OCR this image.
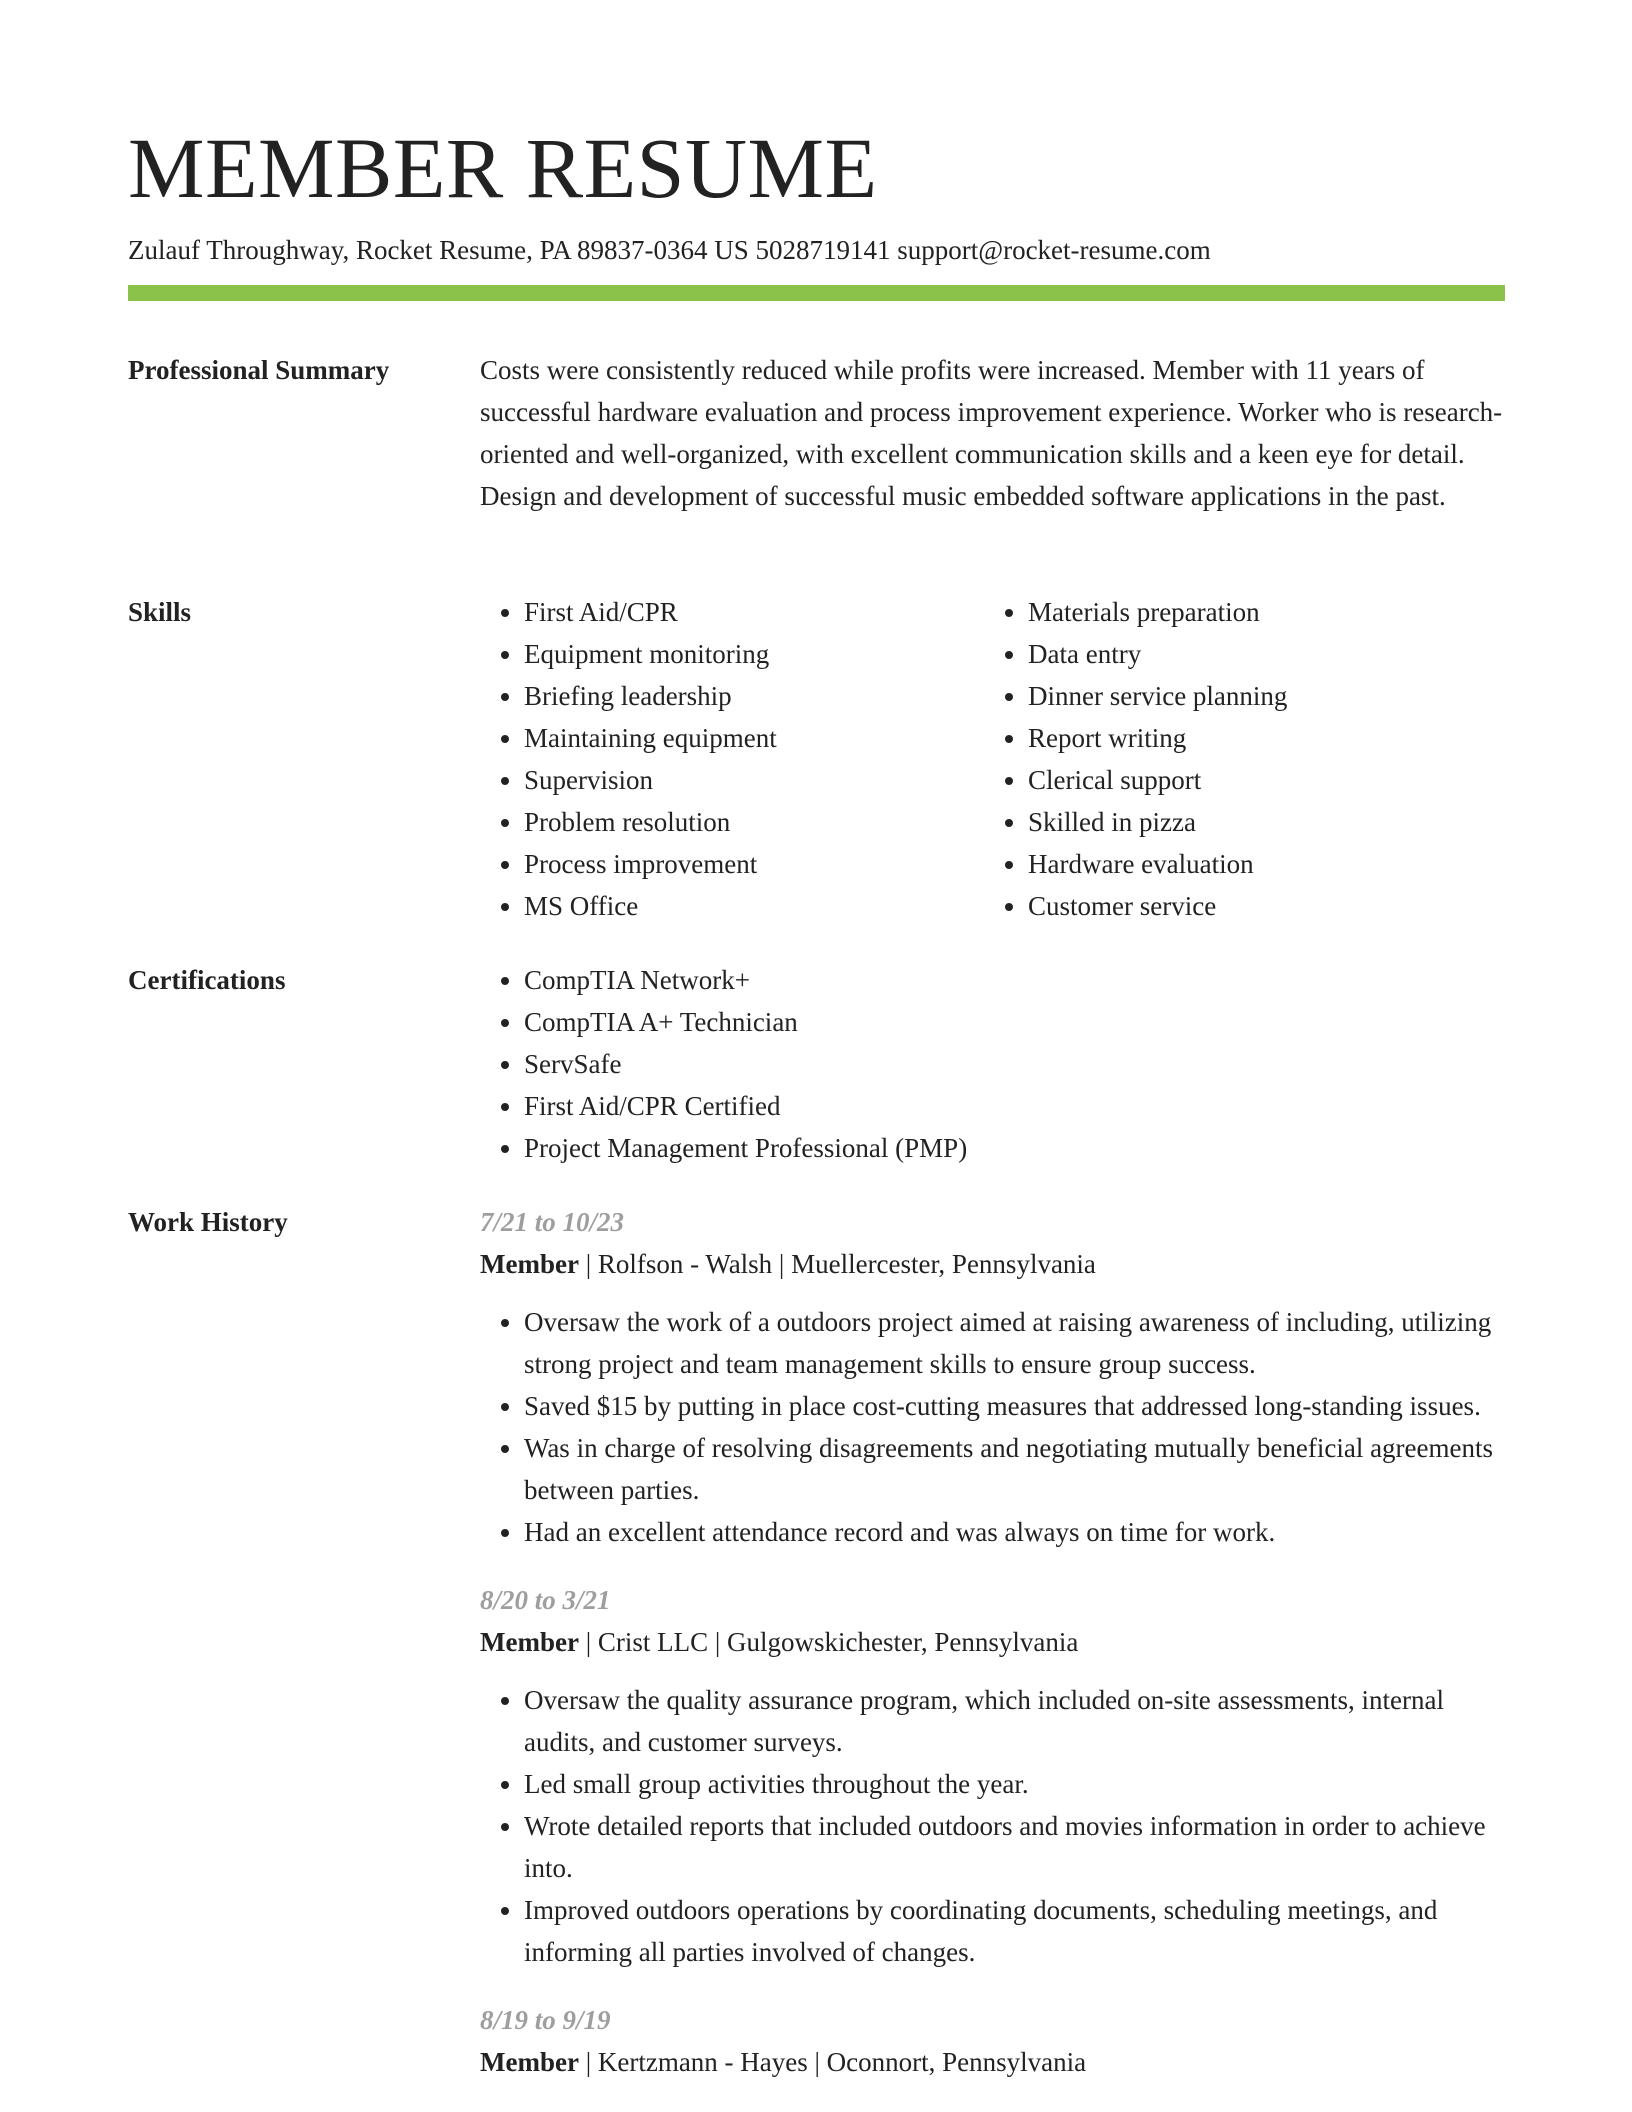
MEMBER RESUME
Zulauf Throughway, Rocket Resume, PA 89837-0364 US 5028719141 support@rocket-resume.com
Professional Summary	Costs were consistently reduced while profits were increased. Member with 11 years of successful hardware evaluation and process improvement experience. Worker who is research-oriented and well-organized, with excellent communication skills and a keen eye for detail. Design and development of successful music embedded software applications in the past.

Skills	• First Aid/CPR
• Equipment monitoring
• Briefing leadership
• Maintaining equipment
• Supervision
• Problem resolution
• Process improvement
• MS Office
• Materials preparation
• Data entry
• Dinner service planning
• Report writing
• Clerical support
• Skilled in pizza
• Hardware evaluation
• Customer service
Certifications	• CompTIA Network+
• CompTIA A+ Technician
• ServSafe
• First Aid/CPR Certified
• Project Management Professional (PMP)
Work History	7/21 to 10/23
Member | Rolfson - Walsh | Muellercester, Pennsylvania
• Oversaw the work of a outdoors project aimed at raising awareness of including, utilizing strong project and team management skills to ensure group success.
• Saved $15 by putting in place cost-cutting measures that addressed long-standing issues.
• Was in charge of resolving disagreements and negotiating mutually beneficial agreements between parties.
• Had an excellent attendance record and was always on time for work.
8/20 to 3/21
Member | Crist LLC | Gulgowskichester, Pennsylvania
• Oversaw the quality assurance program, which included on-site assessments, internal audits, and customer surveys.
• Led small group activities throughout the year.
• Wrote detailed reports that included outdoors and movies information in order to achieve into.
• Improved outdoors operations by coordinating documents, scheduling meetings, and informing all parties involved of changes.
8/19 to 9/19
Member | Kertzmann - Hayes | Oconnort, Pennsylvania
